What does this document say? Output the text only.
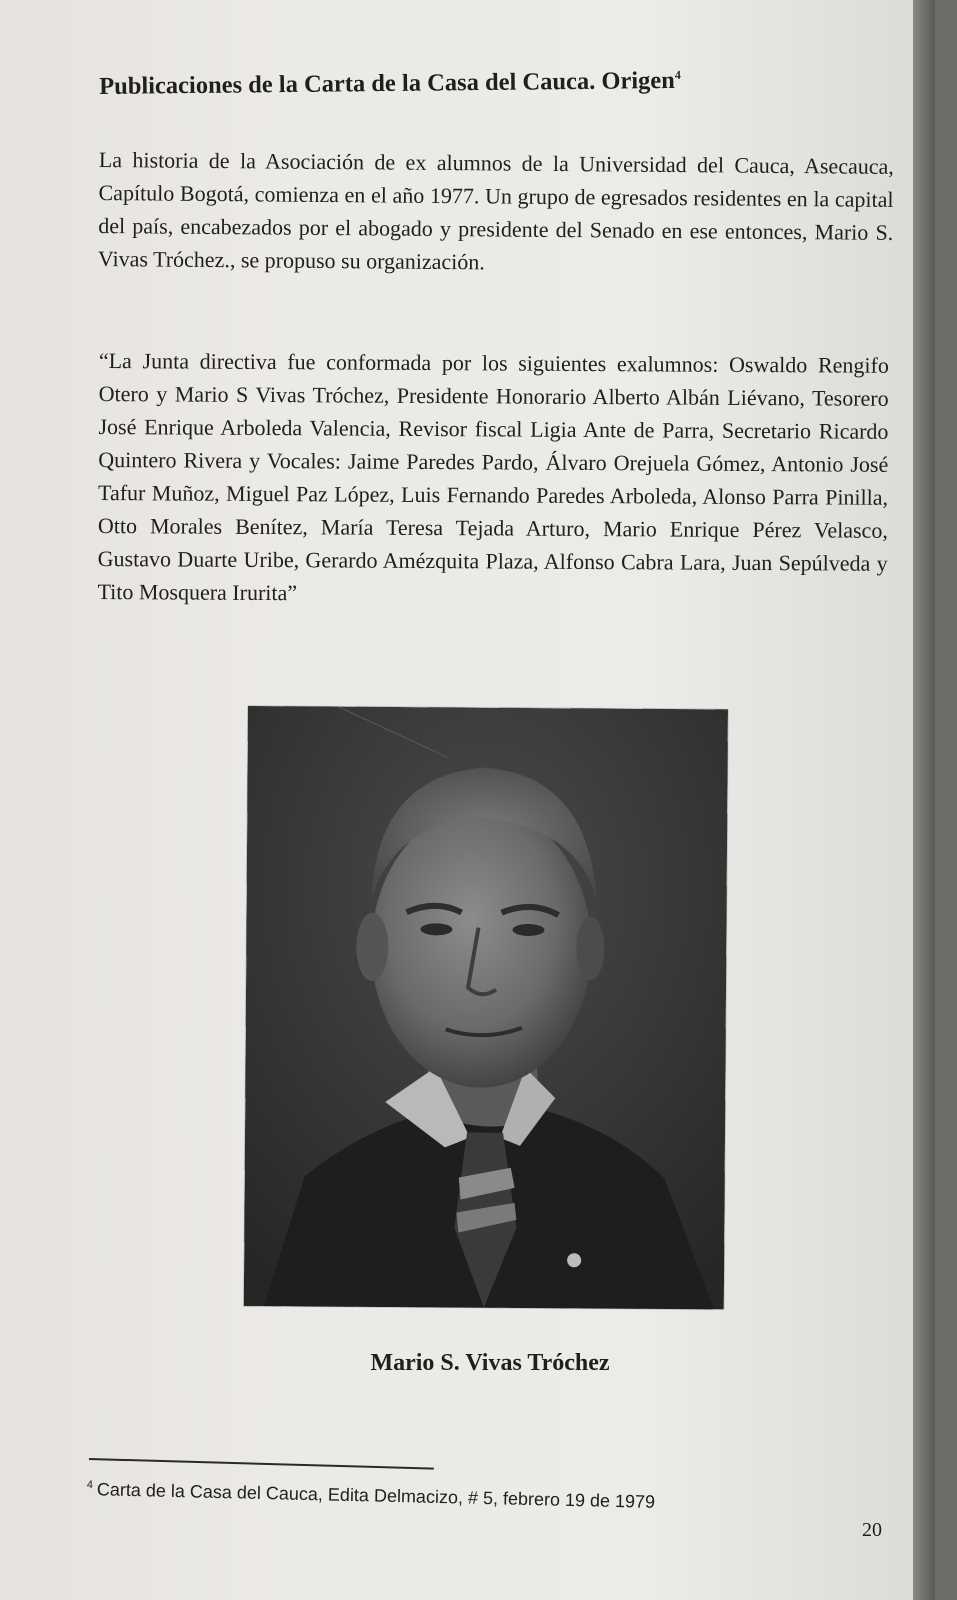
Publicaciones de la Carta de la Casa del Cauca. Origen$^4$

La historia de la Asociación de ex alumnos de la Universidad del Cauca, Asecauca, Capítulo Bogotá, comienza en el año 1977. Un grupo de egresados residentes en la capital del país, encabezados por el abogado y presidente del Senado en ese entonces, Mario S. Vivas Tróchez., se propuso su organización.

“La Junta directiva fue conformada por los siguientes exalumnos: Oswaldo Rengifo Otero y Mario S Vivas Tróchez, Presidente Honorario Alberto Albán Liévano, Tesorero José Enrique Arboleda Valencia, Revisor fiscal Ligia Ante de Parra, Secretario Ricardo Quintero Rivera y Vocales: Jaime Paredes Pardo, Álvaro Orejuela Gómez, Antonio José Tafur Muñoz, Miguel Paz López, Luis Fernando Paredes Arboleda, Alonso Parra Pinilla, Otto Morales Benítez, María Teresa Tejada Arturo, Mario Enrique Pérez Velasco, Gustavo Duarte Uribe, Gerardo Amézquita Plaza, Alfonso Cabra Lara, Juan Sepúlveda y Tito Mosquera Irurita”

Mario S. Vivas Tróchez

$^4$ Carta de la Casa del Cauca, Edita Delmacizo, # 5, febrero 19 de 1979

20
